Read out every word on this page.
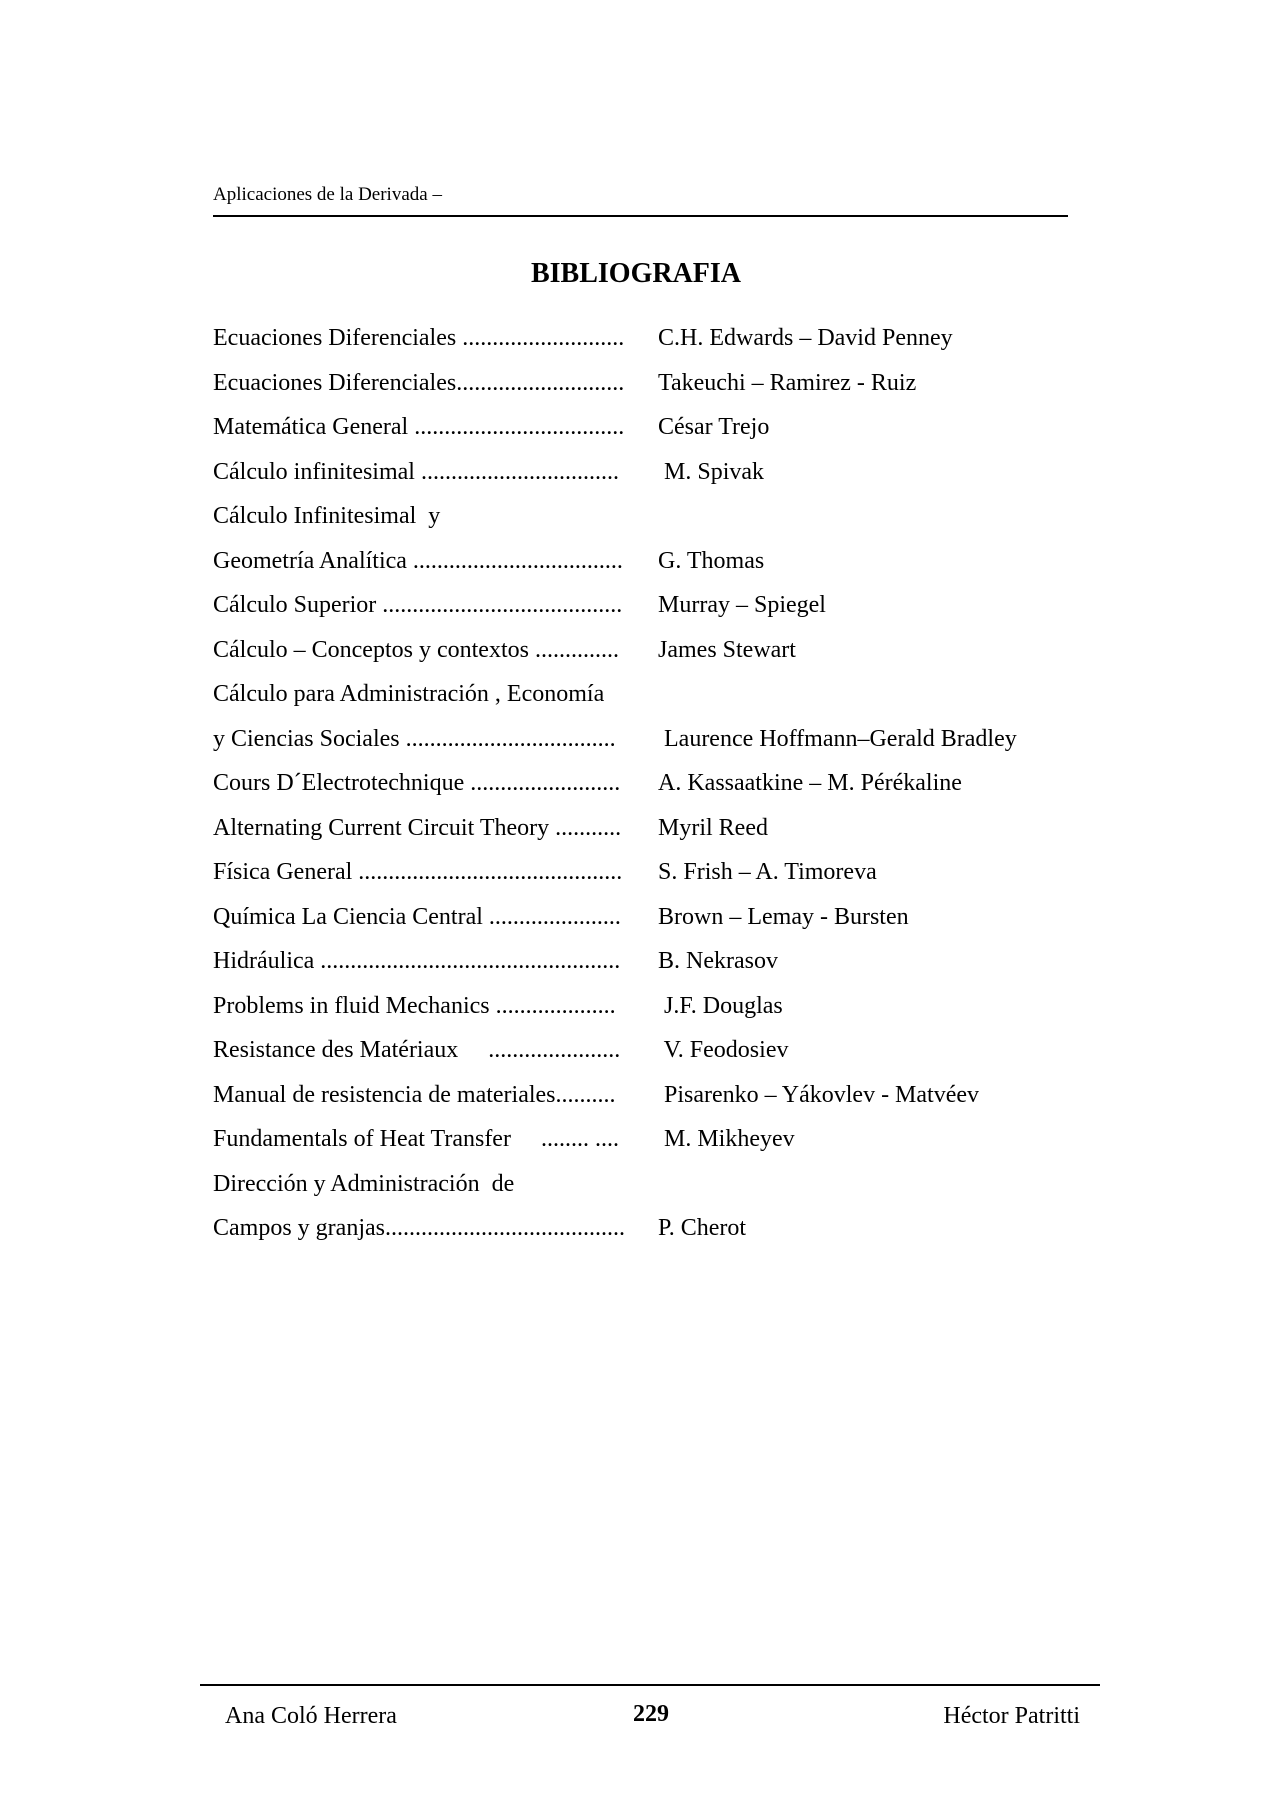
Aplicaciones de la Derivada –
BIBLIOGRAFIA

Ecuaciones Diferenciales ...........................

C.H. Edwards – David Penney

Ecuaciones Diferenciales............................

Takeuchi – Ramirez - Ruiz

Matemática General ...................................

César Trejo

Cálculo infinitesimal .................................

M. Spivak

Cálculo Infinitesimal  y

Geometría Analítica ...................................

G. Thomas

Cálculo Superior ........................................

Murray – Spiegel

Cálculo – Conceptos y contextos ..............

James Stewart

Cálculo para Administración , Economía

y Ciencias Sociales ...................................

Laurence Hoffmann–Gerald Bradley

Cours D´Electrotechnique .........................

A. Kassaatkine – M. Pérékaline

Alternating Current Circuit Theory ...........

Myril Reed

Física General ............................................

S. Frish – A. Timoreva

Química La Ciencia Central ......................

Brown – Lemay - Bursten

Hidráulica ..................................................

B. Nekrasov

Problems in fluid Mechanics ....................

J.F. Douglas

Resistance des Matériaux     ......................

V. Feodosiev

Manual de resistencia de materiales..........

Pisarenko – Yákovlev - Matvéev

Fundamentals of Heat Transfer     ........ ....

M. Mikheyev

Dirección y Administración  de

Campos y granjas........................................

P. Cherot

Ana Coló Herrera	229	Héctor Patritti
